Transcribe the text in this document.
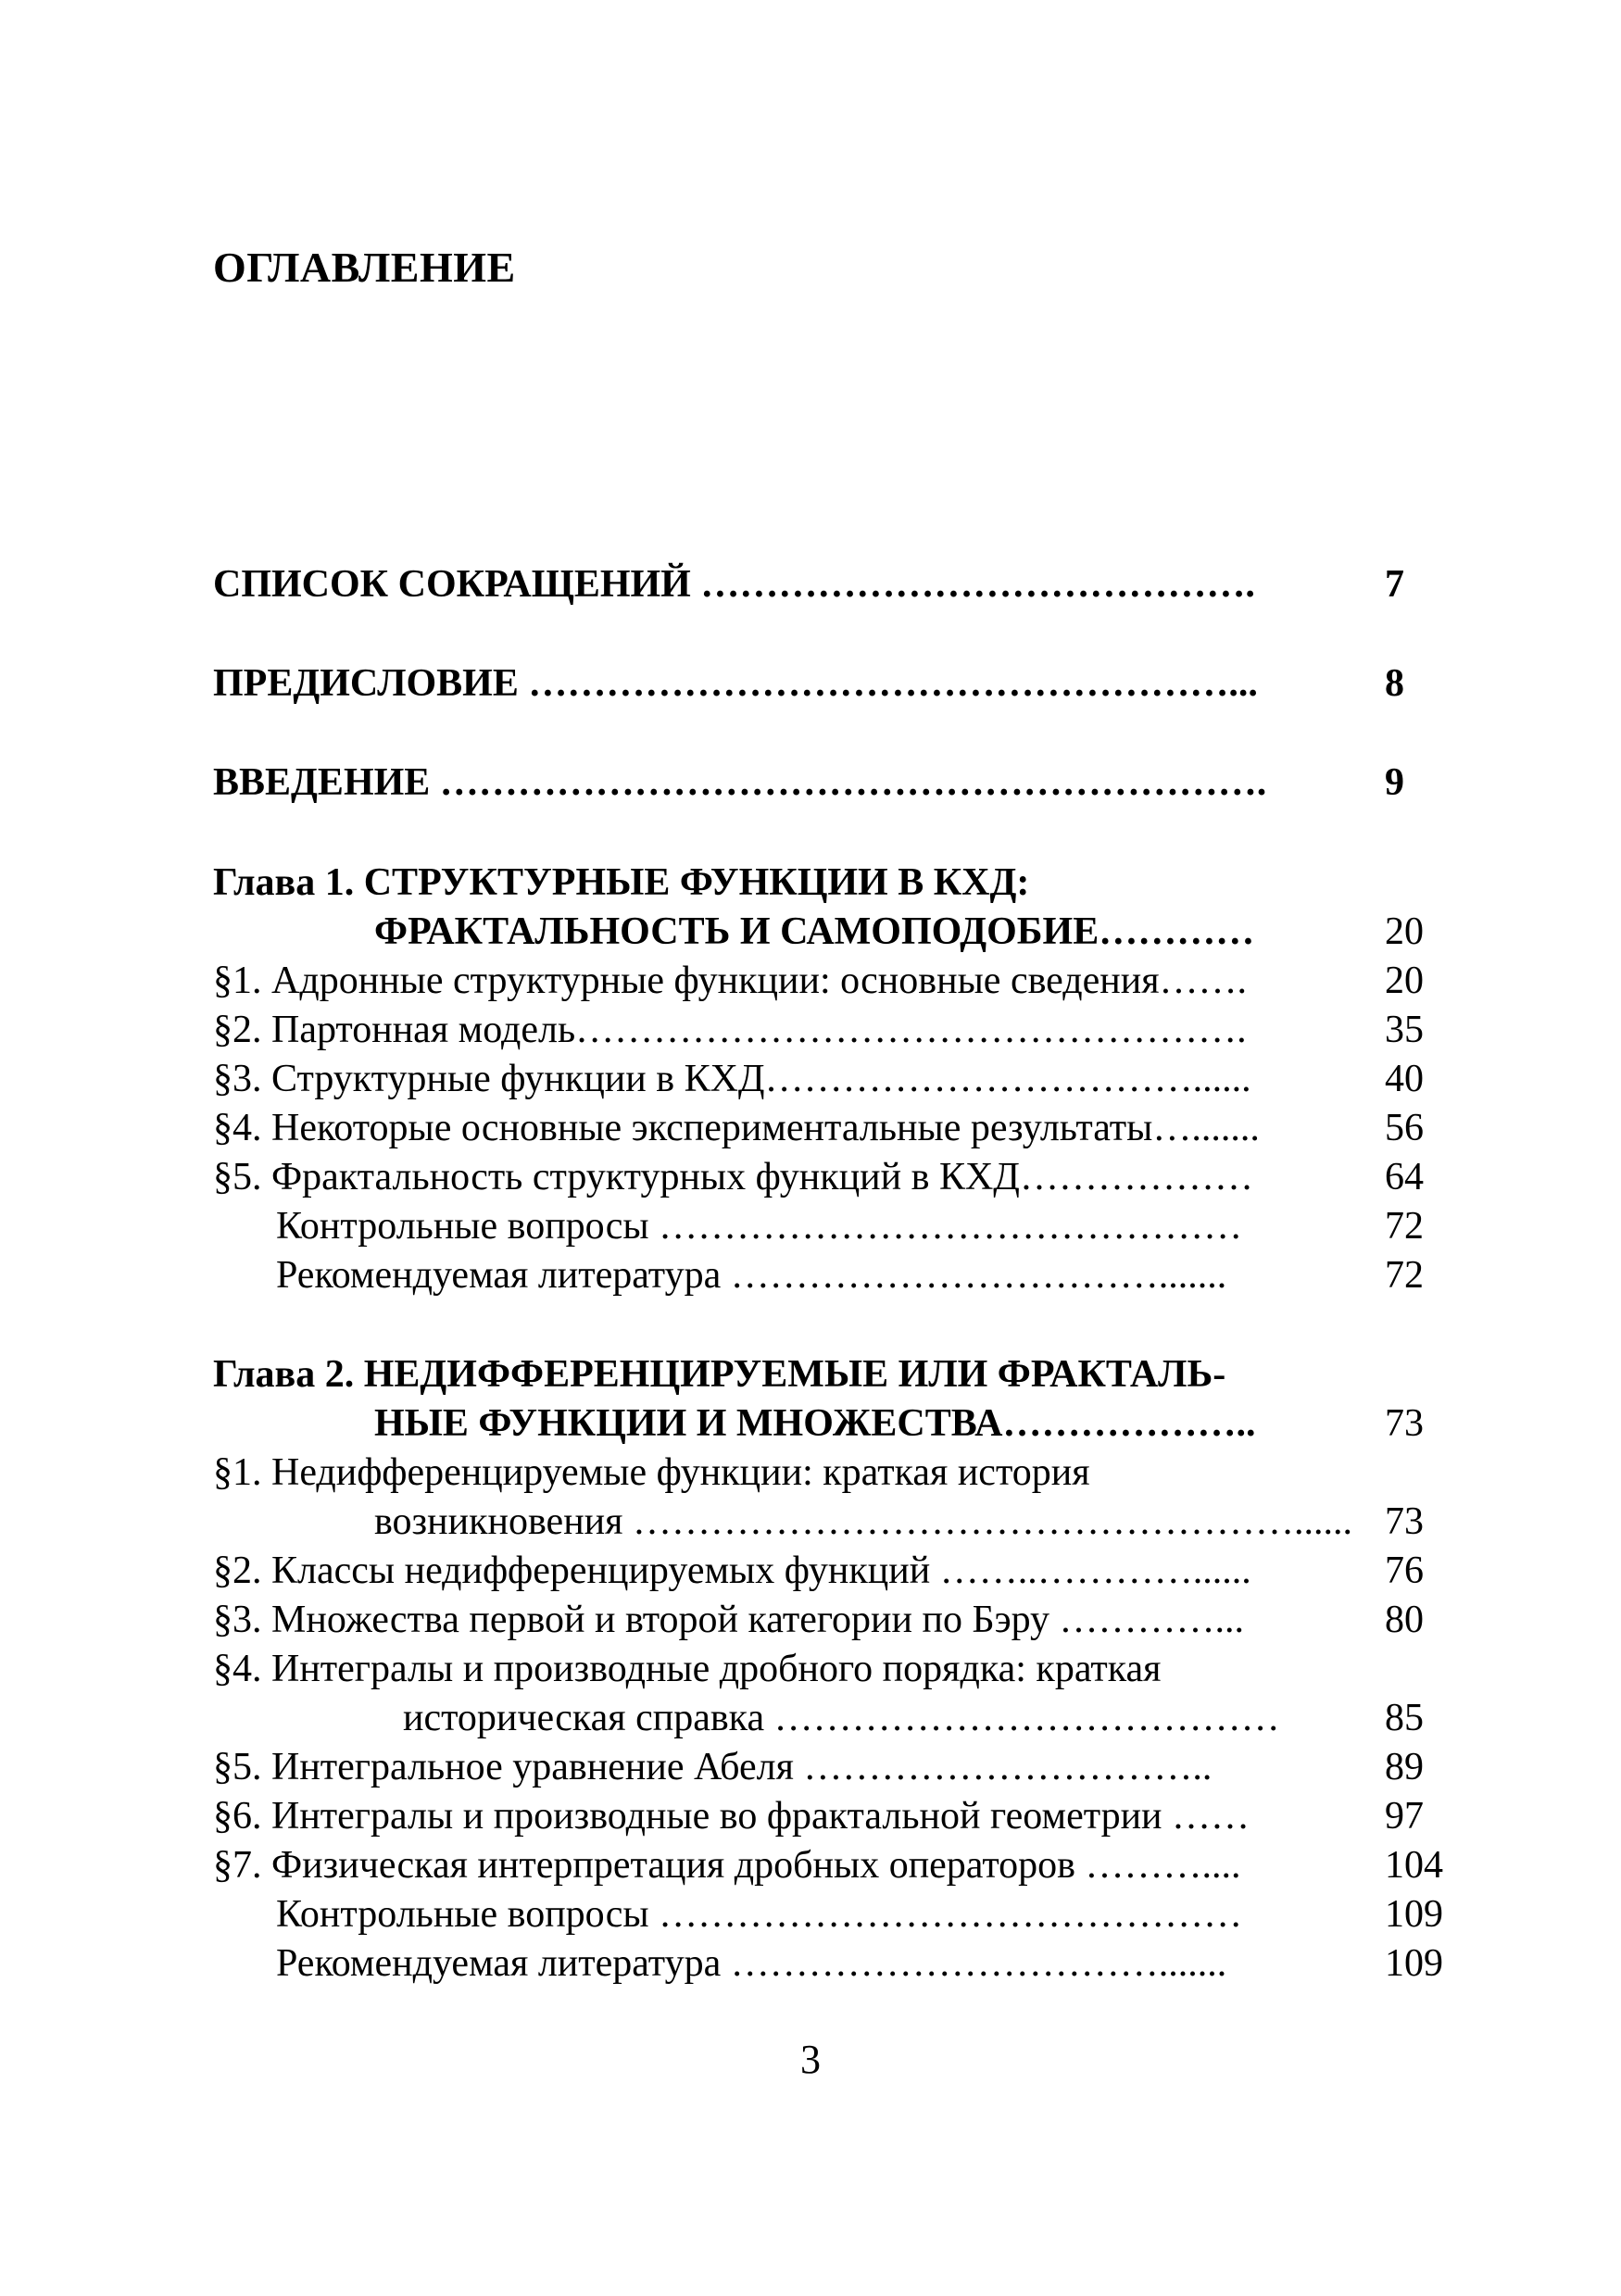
ОГЛАВЛЕНИЕ
СПИСОК СОКРАЩЕНИЙ …………………………………….	7
ПРЕДИСЛОВИЕ ………………………………………………...	8
ВВЕДЕНИЕ ……………………………………………………….	9
Глава 1. СТРУКТУРНЫЕ ФУНКЦИИ В КХД:
ФРАКТАЛЬНОСТЬ И САМОПОДОБИЕ…………	20
§1. Адронные структурные функции: основные сведения…….	20
§2. Партонная модель…………………………………………….	35
§3. Структурные функции в КХД……………………………......	40
§4. Некоторые основные экспериментальные результаты….......	56
§5. Фрактальность структурных функций в КХД………………	64
Контрольные вопросы ………………………………………	72
Рекомендуемая литература …………………………….......	72
Глава 2. НЕДИФФЕРЕНЦИРУЕМЫЕ ИЛИ ФРАКТАЛЬ-
НЫЕ ФУНКЦИИ И МНОЖЕСТВА………………..	73
§1. Недифференцируемые функции: краткая история
возникновения ……………………………………………...... 73
§2. Классы недифференцируемых функций ……..…………......	76
§3. Множества первой и второй категории по Бэру …………...	80
§4. Интегралы и производные дробного порядка: краткая
историческая справка …………………………………	85
§5. Интегральное уравнение Абеля …………………………..	89
§6. Интегралы и производные во фрактальной геометрии ……	97
§7. Физическая интерпретация дробных операторов ………....	104
Контрольные вопросы ………………………………………	109
Рекомендуемая литература …………………………….......	109
3
